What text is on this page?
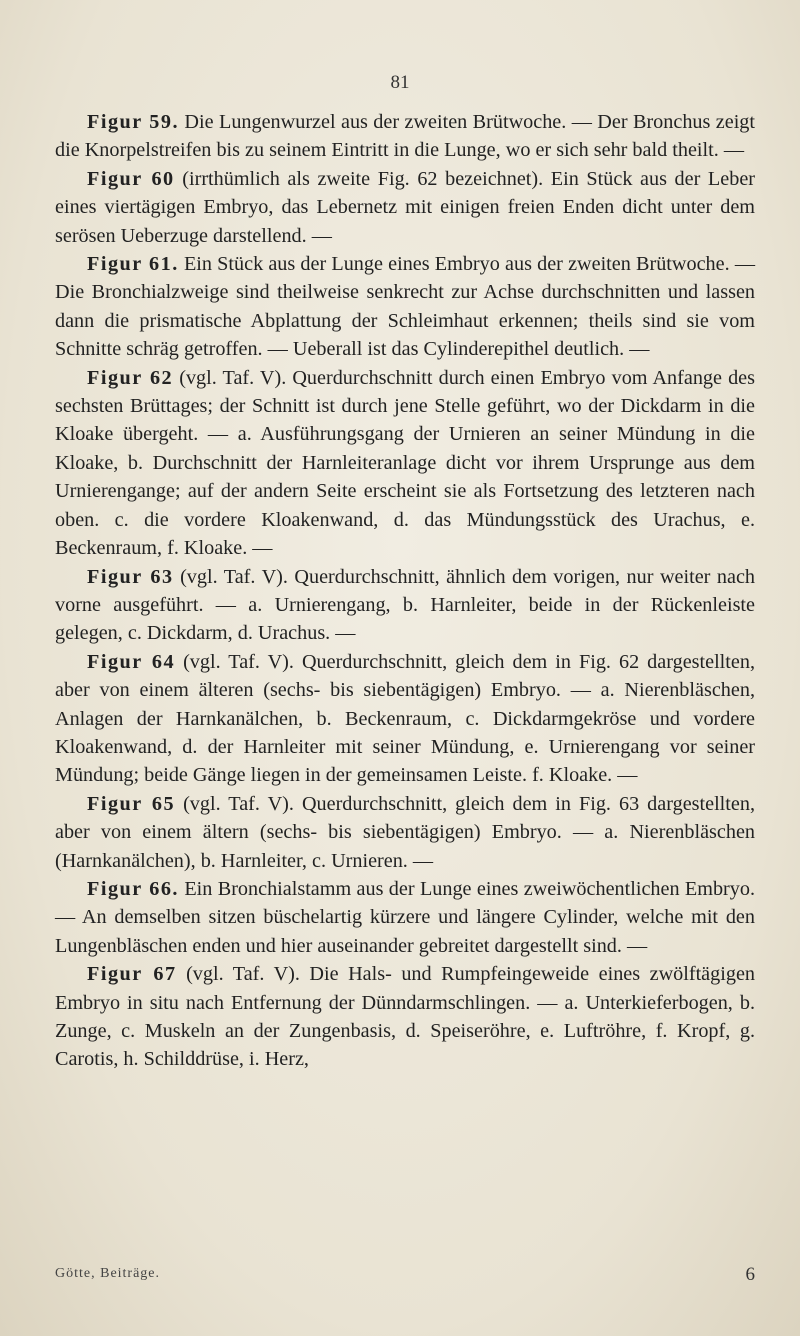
81

Figur 59. Die Lungenwurzel aus der zweiten Brütwoche. — Der Bronchus zeigt die Knorpelstreifen bis zu seinem Eintritt in die Lunge, wo er sich sehr bald theilt. —

Figur 60 (irrthümlich als zweite Fig. 62 bezeichnet). Ein Stück aus der Leber eines viertägigen Embryo, das Lebernetz mit einigen freien Enden dicht unter dem serösen Ueberzuge darstellend. —

Figur 61. Ein Stück aus der Lunge eines Embryo aus der zweiten Brütwoche. — Die Bronchialzweige sind theilweise senkrecht zur Achse durchschnitten und lassen dann die prismatische Abplattung der Schleimhaut erkennen; theils sind sie vom Schnitte schräg getroffen. — Ueberall ist das Cylinderepithel deutlich. —

Figur 62 (vgl. Taf. V). Querdurchschnitt durch einen Embryo vom Anfange des sechsten Brüttages; der Schnitt ist durch jene Stelle geführt, wo der Dickdarm in die Kloake übergeht. — a. Ausführungsgang der Urnieren an seiner Mündung in die Kloake, b. Durchschnitt der Harnleiteranlage dicht vor ihrem Ursprunge aus dem Urnierengange; auf der andern Seite erscheint sie als Fortsetzung des letzteren nach oben. c. die vordere Kloakenwand, d. das Mündungsstück des Urachus, e. Beckenraum, f. Kloake. —

Figur 63 (vgl. Taf. V). Querdurchschnitt, ähnlich dem vorigen, nur weiter nach vorne ausgeführt. — a. Urnierengang, b. Harnleiter, beide in der Rückenleiste gelegen, c. Dickdarm, d. Urachus. —

Figur 64 (vgl. Taf. V). Querdurchschnitt, gleich dem in Fig. 62 dargestellten, aber von einem älteren (sechs- bis siebentägigen) Embryo. — a. Nierenbläschen, Anlagen der Harnkanälchen, b. Beckenraum, c. Dickdarmgekröse und vordere Kloakenwand, d. der Harnleiter mit seiner Mündung, e. Urnierengang vor seiner Mündung; beide Gänge liegen in der gemeinsamen Leiste. f. Kloake. —

Figur 65 (vgl. Taf. V). Querdurchschnitt, gleich dem in Fig. 63 dargestellten, aber von einem ältern (sechs- bis siebentägigen) Embryo. — a. Nierenbläschen (Harnkanälchen), b. Harnleiter, c. Urnieren. —

Figur 66. Ein Bronchialstamm aus der Lunge eines zweiwöchentlichen Embryo. — An demselben sitzen büschelartig kürzere und längere Cylinder, welche mit den Lungenbläschen enden und hier auseinander gebreitet dargestellt sind. —

Figur 67 (vgl. Taf. V). Die Hals- und Rumpfeingeweide eines zwölftägigen Embryo in situ nach Entfernung der Dünndarmschlingen. — a. Unterkieferbogen, b. Zunge, c. Muskeln an der Zungenbasis, d. Speiseröhre, e. Luftröhre, f. Kropf, g. Carotis, h. Schilddrüse, i. Herz,

Götte, Beiträge.	6
